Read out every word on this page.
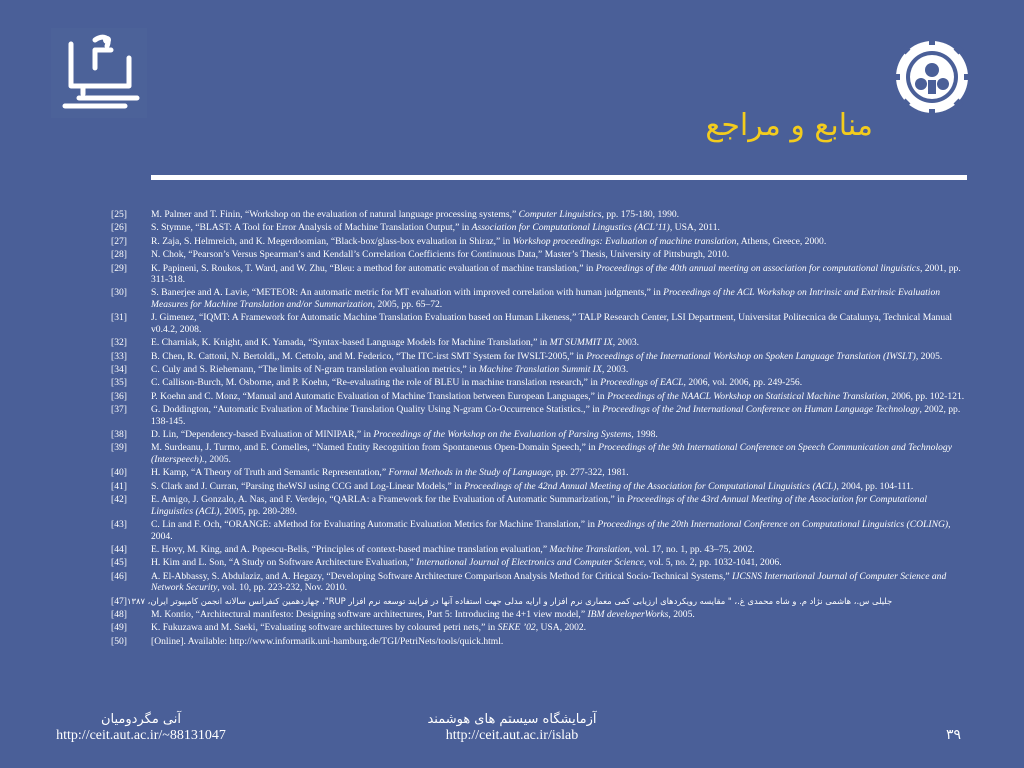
منابع و مراجع
[25]	M. Palmer and T. Finin, “Workshop on the evaluation of natural language processing systems,” Computer Linguistics, pp. 175-180, 1990.
[26]	S. Stymne, “BLAST: A Tool for Error Analysis of Machine Translation Output,” in Association for Computational Lingustics (ACL’11), USA, 2011.
[27]	R. Zaja, S. Helmreich, and K. Megerdoomian, “Black-box/glass-box evaluation in Shiraz,” in Workshop proceedings: Evaluation of machine translation, Athens, Greece, 2000.
[28]	N. Chok, “Pearson’s Versus Spearman’s and Kendall’s Correlation Coefficients for Continuous Data,” Master’s Thesis, University of Pittsburgh, 2010.
[29]	K. Papineni, S. Roukos, T. Ward, and W. Zhu, “Bleu: a method for automatic evaluation of machine translation,” in Proceedings of the 40th annual meeting on association for computational linguistics, 2001, pp. 311-318.
[30]	S. Banerjee and A. Lavie, “METEOR: An automatic metric for MT evaluation with improved correlation with human judgments,” in Proceedings of the ACL Workshop on Intrinsic and Extrinsic Evaluation Measures for Machine Translation and/or Summarization, 2005, pp. 65–72.
[31]	J. Gimenez, “IQMT: A Framework for Automatic Machine Translation Evaluation based on Human Likeness,” TALP Research Center, LSI Department, Universitat Politecnica de Catalunya, Technical Manual v0.4.2, 2008.
[32]	E. Charniak, K. Knight, and K. Yamada, “Syntax-based Language Models for Machine Translation,” in MT SUMMIT IX, 2003.
[33]	B. Chen, R. Cattoni, N. Bertoldi,, M. Cettolo, and M. Federico, “The ITC-irst SMT System for IWSLT-2005,” in Proceedings of the International Workshop on Spoken Language Translation (IWSLT), 2005.
[34]	C. Culy and S. Riehemann, “The limits of N-gram translation evaluation metrics,” in Machine Translation Summit IX, 2003.
[35]	C. Callison-Burch, M. Osborne, and P. Koehn, “Re-evaluating the role of BLEU in machine translation research,” in Proceedings of EACL, 2006, vol. 2006, pp. 249-256.
[36]	P. Koehn and C. Monz, “Manual and Automatic Evaluation of Machine Translation between European Languages,” in Proceedings of the NAACL Workshop on Statistical Machine Translation, 2006, pp. 102-121.
[37]	G. Doddington, “Automatic Evaluation of Machine Translation Quality Using N-gram Co-Occurrence Statistics.,” in Proceedings of the 2nd International Conference on Human Language Technology, 2002, pp. 138-145.
[38]	D. Lin, “Dependency-based Evaluation of MINIPAR,” in Proceedings of the Workshop on the Evaluation of Parsing Systems, 1998.
[39]	M. Surdeanu, J. Turmo, and E. Comelles, “Named Entity Recognition from Spontaneous Open-Domain Speech,” in Proceedings of the 9th International Conference on Speech Communication and Technology (Interspeech)., 2005.
[40]	H. Kamp, “A Theory of Truth and Semantic Representation,” Formal Methods in the Study of Language, pp. 277-322, 1981.
[41]	S. Clark and J. Curran, “Parsing theWSJ using CCG and Log-Linear Models,” in Proceedings of the 42nd Annual Meeting of the Association for Computational Linguistics (ACL), 2004, pp. 104-111.
[42]	E. Amigo, J. Gonzalo, A. Nas, and F. Verdejo, “QARLA: a Framework for the Evaluation of Automatic Summarization,” in Proceedings of the 43rd Annual Meeting of the Association for Computational Linguistics (ACL), 2005, pp. 280-289.
[43]	C. Lin and F. Och, “ORANGE: aMethod for Evaluating Automatic Evaluation Metrics for Machine Translation,” in Proceedings of the 20th International Conference on Computational Linguistics (COLING), 2004.
[44]	E. Hovy, M. King, and A. Popescu-Belis, “Principles of context-based machine translation evaluation,” Machine Translation, vol. 17, no. 1, pp. 43–75, 2002.
[45]	H. Kim and L. Son, “A Study on Software Architecture Evaluation,” International Journal of Electronics and Computer Science, vol. 5, no. 2, pp. 1032-1041, 2006.
[46]	A. El-Abbassy, S. Abdulaziz, and A. Hegazy, “Developing Software Architecture Comparison Analysis Method for Critical Socio-Technical Systems,” IJCSNS International Journal of Computer Science and Network Security, vol. 10, pp. 223-232, Nov. 2010.
جلیلی س.، هاشمی نژاد م. و شاه محمدی غ.، " مقایسه رویکردهای ارزیابی کمی معماری نرم افزار و ارایه مدلی جهت استفاده آنها در فرایند توسعه نرم افزار RUP"، چهاردهمین کنفرانس سالانه انجمن کامپیوتر ایران، ۱۳۸۷[47]
[48]	M. Kontio, “Architectural manifesto: Designing software architectures, Part 5: Introducing the 4+1 view model,” IBM developerWorks, 2005.
[49]	K. Fukuzawa and M. Saeki, “Evaluating software architectures by coloured petri nets,” in SEKE ’02, USA, 2002.
[50]	[Online]. Available: http://www.informatik.uni-hamburg.de/TGI/PetriNets/tools/quick.html.
آنی مگردومیان
http://ceit.aut.ac.ir/~88131047
آزمایشگاه سیستم های هوشمند
http://ceit.aut.ac.ir/islab	۳۹
